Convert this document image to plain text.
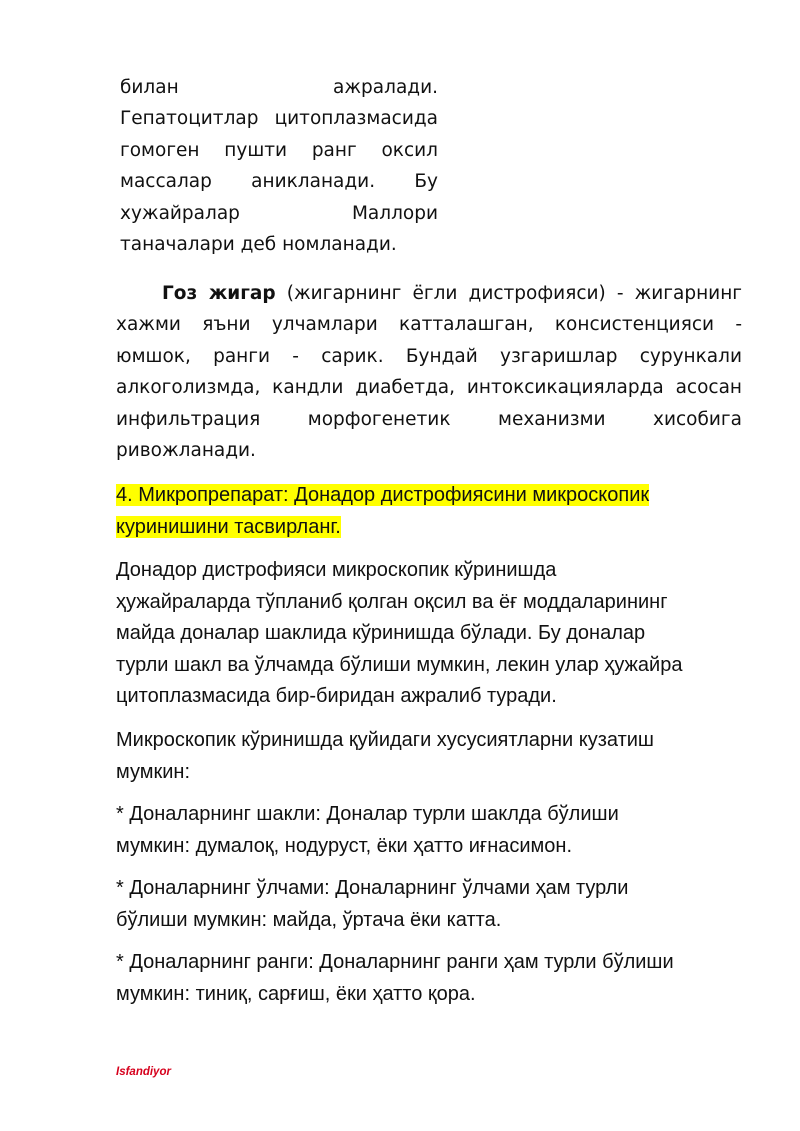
билан ажралади.
Гепатоцитлар цитоплазмасида
гомоген пушти ранг оксил
массалар аникланади. Бу
хужайралар Маллори
таначалари деб номланади.
Гоз жигар (жигарнинг ёгли дистрофияси) - жигарнинг
хажми яъни улчамлари катталашган, консистенцияси -
юмшок, ранги - сарик. Бундай узгаришлар сурункали
алкоголизмда, кандли диабетда, интоксикацияларда асосан
инфильтрация морфогенетик механизми хисобига
ривожланади.
4. Микропрепарат: Донадор дистрофиясини микроскопик
куринишини тасвирланг.
Донадор дистрофияси микроскопик кўринишда
ҳужайраларда тўпланиб қолган оқсил ва ёғ моддаларининг
майда доналар шаклида кўринишда бўлади. Бу доналар
турли шакл ва ўлчамда бўлиши мумкин, лекин улар ҳужайра
цитоплазмасида бир-биридан ажралиб туради.
Микроскопик кўринишда қуйидаги хусусиятларни кузатиш
мумкин:
* Доналарнинг шакли: Доналар турли шаклда бўлиши
мумкин: думалоқ, нодуруст, ёки ҳатто иғнасимон.
* Доналарнинг ўлчами: Доналарнинг ўлчами ҳам турли
бўлиши мумкин: майда, ўртача ёки катта.
* Доналарнинг ранги: Доналарнинг ранги ҳам турли бўлиши
мумкин: тиниқ, сарғиш, ёки ҳатто қора.
Isfandiyor
